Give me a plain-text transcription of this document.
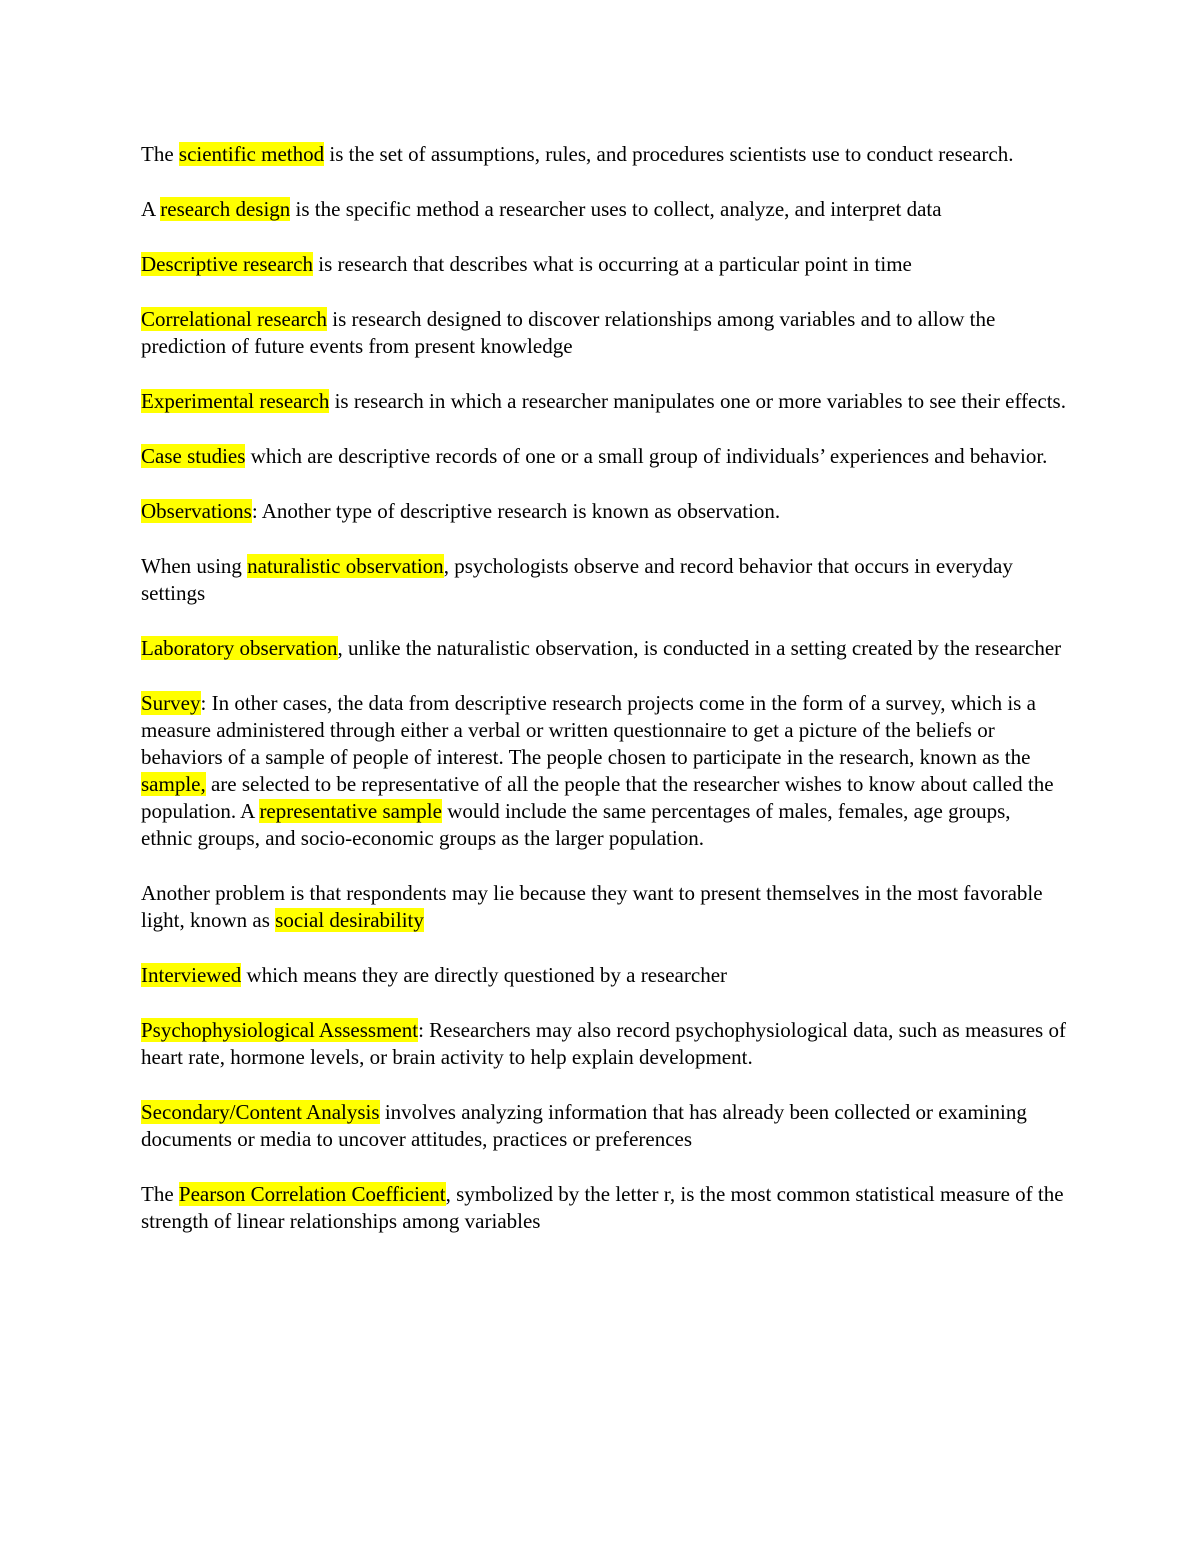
The scientific method is the set of assumptions, rules, and procedures scientists use to conduct research.

A research design is the specific method a researcher uses to collect, analyze, and interpret data

Descriptive research is research that describes what is occurring at a particular point in time

Correlational research is research designed to discover relationships among variables and to allow the prediction of future events from present knowledge

Experimental research is research in which a researcher manipulates one or more variables to see their effects.

Case studies which are descriptive records of one or a small group of individuals’ experiences and behavior.

Observations: Another type of descriptive research is known as observation.

When using naturalistic observation, psychologists observe and record behavior that occurs in everyday settings

Laboratory observation, unlike the naturalistic observation, is conducted in a setting created by the researcher

Survey: In other cases, the data from descriptive research projects come in the form of a survey, which is a measure administered through either a verbal or written questionnaire to get a picture of the beliefs or behaviors of a sample of people of interest. The people chosen to participate in the research, known as the sample, are selected to be representative of all the people that the researcher wishes to know about called the population. A representative sample would include the same percentages of males, females, age groups, ethnic groups, and socio-economic groups as the larger population.

Another problem is that respondents may lie because they want to present themselves in the most favorable light, known as social desirability

Interviewed which means they are directly questioned by a researcher

Psychophysiological Assessment: Researchers may also record psychophysiological data, such as measures of heart rate, hormone levels, or brain activity to help explain development.

Secondary/Content Analysis involves analyzing information that has already been collected or examining documents or media to uncover attitudes, practices or preferences

The Pearson Correlation Coefficient, symbolized by the letter r, is the most common statistical measure of the strength of linear relationships among variables
